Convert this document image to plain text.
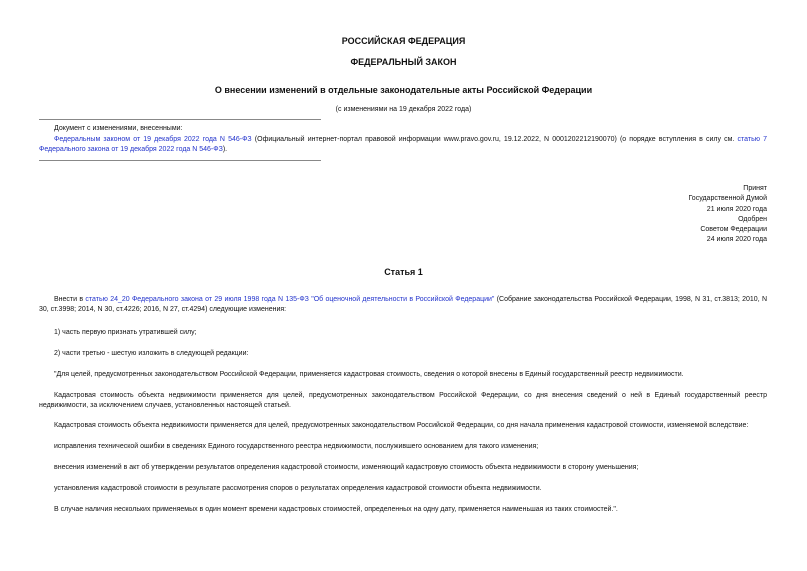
РОССИЙСКАЯ ФЕДЕРАЦИЯ
ФЕДЕРАЛЬНЫЙ ЗАКОН
О внесении изменений в отдельные законодательные акты Российской Федерации
(с изменениями на 19 декабря 2022 года)
Документ с изменениями, внесенными:
Федеральным законом от 19 декабря 2022 года N 546-ФЗ (Официальный интернет-портал правовой информации www.pravo.gov.ru, 19.12.2022, N 0001202212190070) (о порядке вступления в силу см. статью 7 Федерального закона от 19 декабря 2022 года N 546-ФЗ).
Принят
Государственной Думой
21 июля 2020 года
Одобрен
Советом Федерации
24 июля 2020 года
Статья 1
Внести в статью 24_20 Федерального закона от 29 июля 1998 года N 135-ФЗ "Об оценочной деятельности в Российской Федерации" (Собрание законодательства Российской Федерации, 1998, N 31, ст.3813; 2010, N 30, ст.3998; 2014, N 30, ст.4226; 2016, N 27, ст.4294) следующие изменения:
1) часть первую признать утратившей силу;
2) части третью - шестую изложить в следующей редакции:
"Для целей, предусмотренных законодательством Российской Федерации, применяется кадастровая стоимость, сведения о которой внесены в Единый государственный реестр недвижимости.
Кадастровая стоимость объекта недвижимости применяется для целей, предусмотренных законодательством Российской Федерации, со дня внесения сведений о ней в Единый государственный реестр недвижимости, за исключением случаев, установленных настоящей статьей.
Кадастровая стоимость объекта недвижимости применяется для целей, предусмотренных законодательством Российской Федерации, со дня начала применения кадастровой стоимости, изменяемой вследствие:
исправления технической ошибки в сведениях Единого государственного реестра недвижимости, послужившего основанием для такого изменения;
внесения изменений в акт об утверждении результатов определения кадастровой стоимости, изменяющий кадастровую стоимость объекта недвижимости в сторону уменьшения;
установления кадастровой стоимости в результате рассмотрения споров о результатах определения кадастровой стоимости объекта недвижимости.
В случае наличия нескольких применяемых в один момент времени кадастровых стоимостей, определенных на одну дату, применяется наименьшая из таких стоимостей.".
